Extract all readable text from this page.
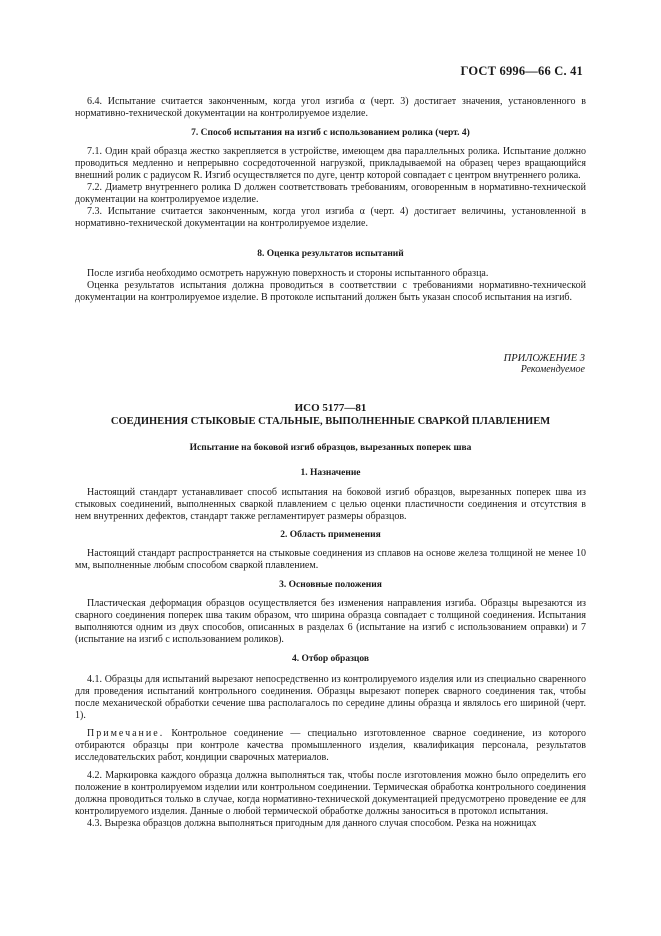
ГОСТ 6996—66 С. 41

6.4. Испытание считается законченным, когда угол изгиба α (черт. 3) достигает значения, установленного в нормативно-технической документации на контролируемое изделие.

7. Способ испытания на изгиб с использованием ролика (черт. 4)

7.1. Один край образца жестко закрепляется в устройстве, имеющем два параллельных ролика. Испытание должно проводиться медленно и непрерывно сосредоточенной нагрузкой, прикладываемой на образец через вращающийся внешний ролик с радиусом R. Изгиб осуществляется по дуге, центр которой совпадает с центром внутреннего ролика.

7.2. Диаметр внутреннего ролика D должен соответствовать требованиям, оговоренным в нормативно-технической документации на контролируемое изделие.

7.3. Испытание считается законченным, когда угол изгиба α (черт. 4) достигает величины, установленной в нормативно-технической документации на контролируемое изделие.

8. Оценка результатов испытаний

После изгиба необходимо осмотреть наружную поверхность и стороны испытанного образца.

Оценка результатов испытания должна проводиться в соответствии с требованиями нормативно-технической документации на контролируемое изделие. В протоколе испытаний должен быть указан способ испытания на изгиб.

ПРИЛОЖЕНИЕ 3
Рекомендуемое
ИСО 5177—81
СОЕДИНЕНИЯ СТЫКОВЫЕ СТАЛЬНЫЕ, ВЫПОЛНЕННЫЕ СВАРКОЙ ПЛАВЛЕНИЕМ
Испытание на боковой изгиб образцов, вырезанных поперек шва
1. Назначение

Настоящий стандарт устанавливает способ испытания на боковой изгиб образцов, вырезанных поперек шва из стыковых соединений, выполненных сваркой плавлением с целью оценки пластичности соединения и отсутствия в нем внутренних дефектов, стандарт также регламентирует размеры образцов.

2. Область применения

Настоящий стандарт распространяется на стыковые соединения из сплавов на основе железа толщиной не менее 10 мм, выполненные любым способом сваркой плавлением.

3. Основные положения

Пластическая деформация образцов осуществляется без изменения направления изгиба. Образцы вырезаются из сварного соединения поперек шва таким образом, что ширина образца совпадает с толщиной соединения. Испытания выполняются одним из двух способов, описанных в разделах 6 (испытание на изгиб с использованием оправки) и 7 (испытание на изгиб с использованием роликов).

4. Отбор образцов

4.1. Образцы для испытаний вырезают непосредственно из контролируемого изделия или из специально сваренного для проведения испытаний контрольного соединения. Образцы вырезают поперек сварного соединения так, чтобы после механической обработки сечение шва располагалось по середине длины образца и являлось его шириной (черт. 1).

Примечание. Контрольное соединение — специально изготовленное сварное соединение, из которого отбираются образцы при контроле качества промышленного изделия, квалификация персонала, результатов исследовательских работ, кондиции сварочных материалов.

4.2. Маркировка каждого образца должна выполняться так, чтобы после изготовления можно было определить его положение в контролируемом изделии или контрольном соединении. Термическая обработка контрольного соединения должна проводиться только в случае, когда нормативно-технической документацией предусмотрено проведение ее для контролируемого изделия. Данные о любой термической обработке должны заноситься в протокол испытания.

4.3. Вырезка образцов должна выполняться пригодным для данного случая способом. Резка на ножницах
